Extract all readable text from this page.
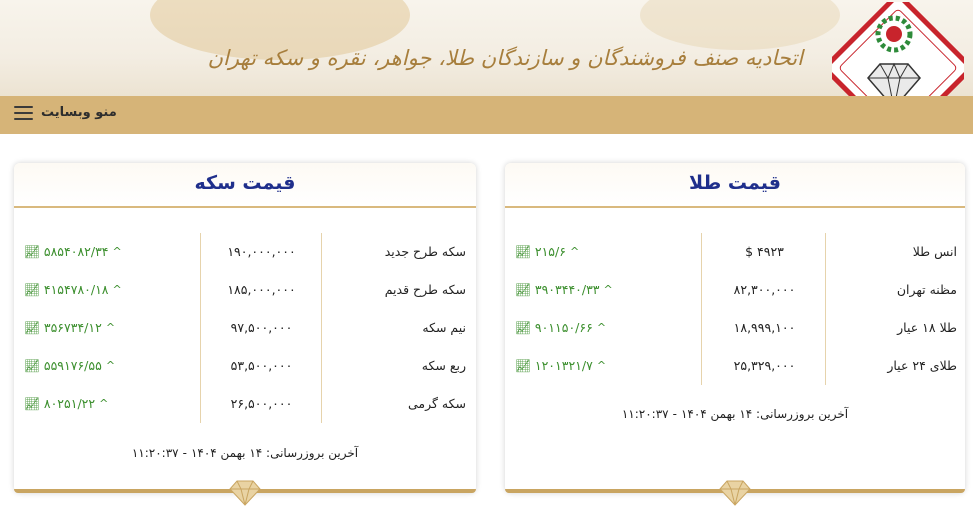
اتحادیه صنف فروشندگان و سازندگان طلا، جواهر، نقره و سکه تهران
منو وبسایت
قیمت سکه
📈︎ ۵۸۵۴۰۸۲/۳۴ ^	۱۹۰,۰۰۰,۰۰۰	سکه طرح جدید
📈︎ ۴۱۵۴۷۸۰/۱۸ ^	۱۸۵,۰۰۰,۰۰۰	سکه طرح قدیم
📈︎ ۳۵۶۷۳۴/۱۲ ^	۹۷,۵۰۰,۰۰۰	نیم سکه
📈︎ ۵۵۹۱۷۶/۵۵ ^	۵۳,۵۰۰,۰۰۰	ربع سکه
📈︎ ۸۰۲۵۱/۲۲ ^	۲۶,۵۰۰,۰۰۰	سکه گرمی
آخرین بروزرسانی: ۱۴ بهمن ۱۴۰۴-۱۱:۲۰:۳۷
قیمت طلا
📈︎ ۲۱۵/۶ ^	$ ۴۹۲۳	انس طلا
📈︎ ۳۹۰۳۴۴۰/۳۳ ^	۸۲,۳۰۰,۰۰۰	مظنه تهران
📈︎ ۹۰۱۱۵۰/۶۶ ^	۱۸,۹۹۹,۱۰۰	طلا ۱۸ عیار
📈︎ ۱۲۰۱۳۲۱/۷ ^	۲۵,۳۲۹,۰۰۰	طلای ۲۴ عیار
آخرین بروزرسانی: ۱۴ بهمن ۱۴۰۴-۱۱:۲۰:۳۷
